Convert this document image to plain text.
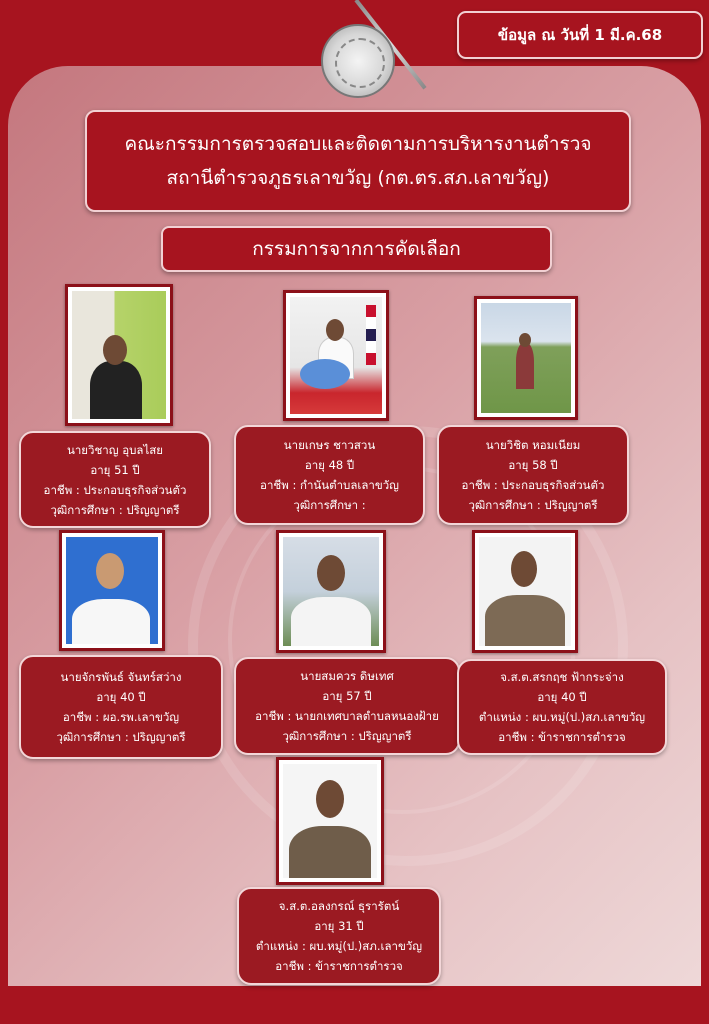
ข้อมูล ณ วันที่ 1 มี.ค.68
คณะกรรมการตรวจสอบและติดตามการบริหารงานตำรวจ
สถานีตำรวจภูธรเลาขวัญ (กต.ตร.สภ.เลาขวัญ)
กรรมการจากการคัดเลือก
นายวิชาญ อุบลไสย
อายุ 51 ปี
อาชีพ : ประกอบธุรกิจส่วนตัว
วุฒิการศึกษา : ปริญญาตรี
นายเกษร ชาวสวน
อายุ 48 ปี
อาชีพ : กำนันตำบลเลาขวัญ
วุฒิการศึกษา :
นายวิชิต หอมเนียม
อายุ 58 ปี
อาชีพ : ประกอบธุรกิจส่วนตัว
วุฒิการศึกษา : ปริญญาตรี
นายจักรพันธ์ จันทร์สว่าง
อายุ 40 ปี
อาชีพ : ผอ.รพ.เลาขวัญ
วุฒิการศึกษา : ปริญญาตรี
นายสมควร ดิษเทศ
อายุ 57 ปี
อาชีพ : นายกเทศบาลตำบลหนองฝ้าย
วุฒิการศึกษา : ปริญญาตรี
จ.ส.ต.สรกฤช ฟ้ากระจ่าง
อายุ 40 ปี
ตำแหน่ง : ผบ.หมู่(ป.)สภ.เลาขวัญ
อาชีพ : ข้าราชการตำรวจ
จ.ส.ต.อลงกรณ์ ธุรารัตน์
อายุ 31 ปี
ตำแหน่ง : ผบ.หมู่(ป.)สภ.เลาขวัญ
อาชีพ : ข้าราชการตำรวจ
